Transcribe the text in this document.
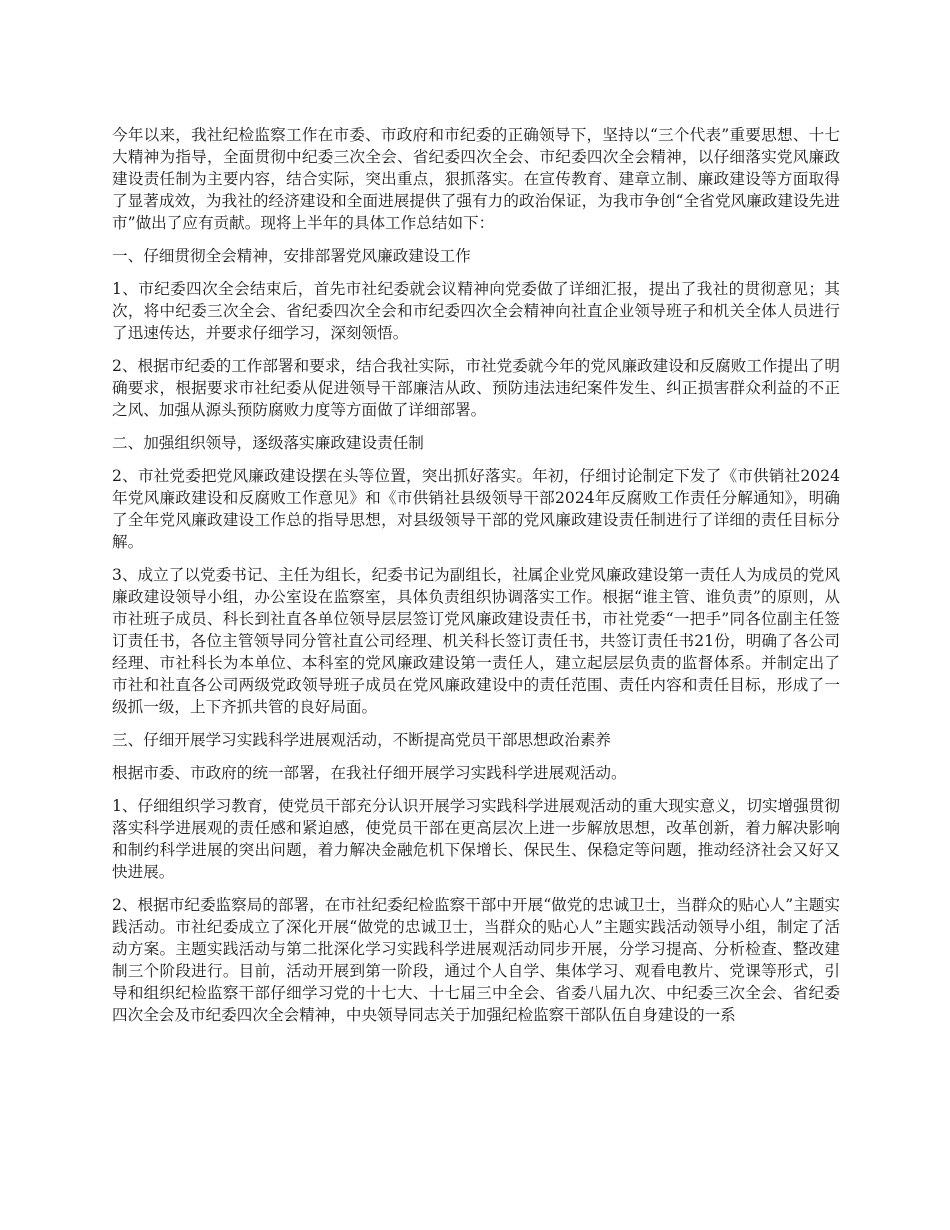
今年以来，我社纪检监察工作在市委、市政府和市纪委的正确领导下，坚持以“三个代表”重要思想、十七大精神为指导，全面贯彻中纪委三次全会、省纪委四次全会、市纪委四次全会精神，以仔细落实党风廉政建设责任制为主要内容，结合实际，突出重点，狠抓落实。在宣传教育、建章立制、廉政建设等方面取得了显著成效，为我社的经济建设和全面进展提供了强有力的政治保证，为我市争创“全省党风廉政建设先进市”做出了应有贡献。现将上半年的具体工作总结如下：

一、仔细贯彻全会精神，安排部署党风廉政建设工作

1、市纪委四次全会结束后，首先市社纪委就会议精神向党委做了详细汇报，提出了我社的贯彻意见；其次，将中纪委三次全会、省纪委四次全会和市纪委四次全会精神向社直企业领导班子和机关全体人员进行了迅速传达，并要求仔细学习，深刻领悟。

2、根据市纪委的工作部署和要求，结合我社实际，市社党委就今年的党风廉政建设和反腐败工作提出了明确要求，根据要求市社纪委从促进领导干部廉洁从政、预防违法违纪案件发生、纠正损害群众利益的不正之风、加强从源头预防腐败力度等方面做了详细部署。

二、加强组织领导，逐级落实廉政建设责任制

2、市社党委把党风廉政建设摆在头等位置，突出抓好落实。年初，仔细讨论制定下发了《市供销社2024年党风廉政建设和反腐败工作意见》和《市供销社县级领导干部2024年反腐败工作责任分解通知》，明确了全年党风廉政建设工作总的指导思想，对县级领导干部的党风廉政建设责任制进行了详细的责任目标分解。

3、成立了以党委书记、主任为组长，纪委书记为副组长，社属企业党风廉政建设第一责任人为成员的党风廉政建设领导小组，办公室设在监察室，具体负责组织协调落实工作。根据“谁主管、谁负责”的原则，从市社班子成员、科长到社直各单位领导层层签订党风廉政建设责任书，市社党委“一把手”同各位副主任签订责任书，各位主管领导同分管社直公司经理、机关科长签订责任书，共签订责任书21份，明确了各公司经理、市社科长为本单位、本科室的党风廉政建设第一责任人，建立起层层负责的监督体系。并制定出了市社和社直各公司两级党政领导班子成员在党风廉政建设中的责任范围、责任内容和责任目标，形成了一级抓一级，上下齐抓共管的良好局面。

三、仔细开展学习实践科学进展观活动，不断提高党员干部思想政治素养

根据市委、市政府的统一部署，在我社仔细开展学习实践科学进展观活动。

1、仔细组织学习教育，使党员干部充分认识开展学习实践科学进展观活动的重大现实意义，切实增强贯彻落实科学进展观的责任感和紧迫感，使党员干部在更高层次上进一步解放思想，改革创新，着力解决影响和制约科学进展的突出问题，着力解决金融危机下保增长、保民生、保稳定等问题，推动经济社会又好又快进展。

2、根据市纪委监察局的部署，在市社纪委纪检监察干部中开展“做党的忠诚卫士，当群众的贴心人”主题实践活动。市社纪委成立了深化开展“做党的忠诚卫士，当群众的贴心人”主题实践活动领导小组，制定了活动方案。主题实践活动与第二批深化学习实践科学进展观活动同步开展，分学习提高、分析检查、整改建制三个阶段进行。目前，活动开展到第一阶段，通过个人自学、集体学习、观看电教片、党课等形式，引导和组织纪检监察干部仔细学习党的十七大、十七届三中全会、省委八届九次、中纪委三次全会、省纪委四次全会及市纪委四次全会精神，中央领导同志关于加强纪检监察干部队伍自身建设的一系
